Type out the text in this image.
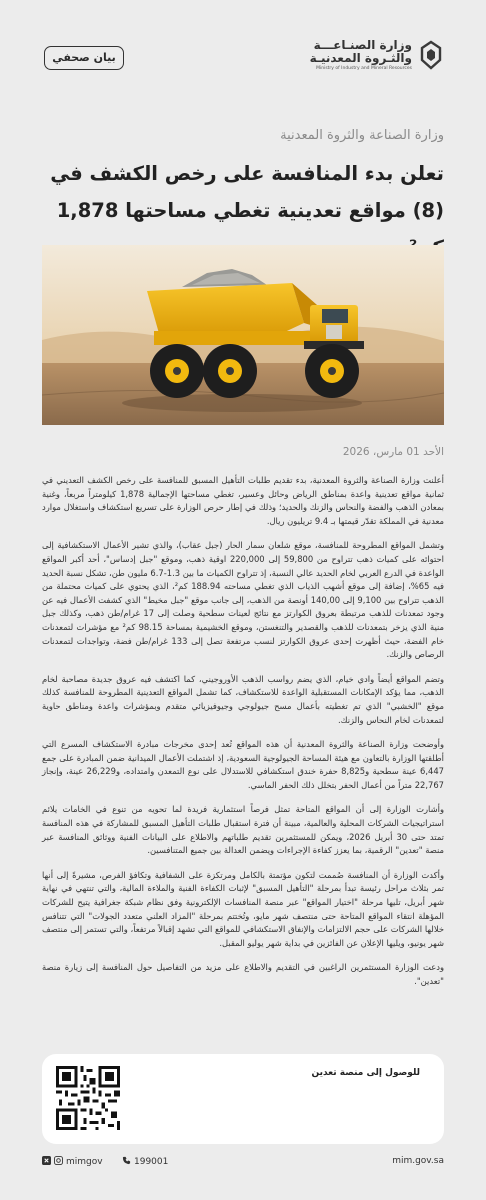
وزارة الصنـاعـــة
والثـروة المعدنيـة
Ministry of Industry and Mineral Resources
بيان صحفي
وزارة الصناعة والثروة المعدنية
تعلن بدء المنافسة على رخص الكشف في (8) مواقع تعدينية تغطي مساحتها 1,878
الأحد 01 مارس، 2026

أعلنت وزارة الصناعة والثروة المعدنية، بدء تقديم طلبات التأهيل المسبق للمنافسة على رخص الكشف التعديني في ثمانية مواقع تعدينية واعدة بمناطق الرياض وحائل وعسير، تغطي مساحتها الإجمالية 1,878 كيلومتراً مربعاً، وغنية بمعادن الذهب والفضة والنحاس والزنك والحديد؛ وذلك في إطار حرص الوزارة على تسريع استكشاف واستغلال موارد معدنية في المملكة تقدّر قيمتها بـ 9.4 تريليون ريال.

وتشمل المواقع المطروحة للمنافسة، موقع شلعان سمار الحار (جبل عقاب)، والذي تشير الأعمال الاستكشافية إلى احتوائه على كميات ذهب تتراوح من 59,800 إلى 220,000 اوقية ذهب، وموقع "جبل إدساس"، أحد أكبر المواقع الواعدة في الدرع العربي لخام الحديد عالي النسبة، إذ تتراوح الكميات ما بين 1.3-6.7 مليون طن، تشكل نسبة الحديد فيه 65%، إضافة إلى موقع أشهب الذياب الذي تغطي مساحته 188.94 كم²، الذي يحتوي على كميات محتملة من الذهب تتراوح بين 9,100 إلى 140,00 أونصة من الذهب، إلى جانب موقع "جبل مخيط" الذي كشفت الأعمال فيه عن وجود تمعدنات للذهب مرتبطة بعروق الكوارتز مع نتائج لعينات سطحية وصلت إلى 17 غرام/طن ذهب، وكذلك جبل منية الذي يزخر بتمعدنات للذهب والقصدير والتنغستن، وموقع الخشيمية بمساحة 98.15 كم² مع مؤشرات لتمعدنات خام الفضة، حيث أظهرت إحدى عروق الكوارتز لنسب مرتفعة تصل إلى 133 غرام/طن فضة، وتواجدات لتمعدنات الرصاص والزنك.

وتضم المواقع أيضاً وادي خيام، الذي يضم رواسب الذهب الأوروجيني، كما اكتشف فيه عروق جديدة مصاحبة لخام الذهب، مما يؤكد الإمكانات المستقبلية الواعدة للاستكشاف، كما تشمل المواقع التعدينية المطروحة للمنافسة كذلك موقع "الخشبي" الذي تم تغطيته بأعمال مسح جيولوجي وجيوفيزيائي متقدم وبمؤشرات واعدة ومناطق حاوية لتمعدنات لخام النحاس والزنك.

وأوضحت وزارة الصناعة والثروة المعدنية أن هذه المواقع تُعد إحدى مخرجات مبادرة الاستكشاف المسرع التي أطلقتها الوزارة بالتعاون مع هيئة المساحة الجيولوجية السعودية، إذ اشتملت الأعمال الميدانية ضمن المبادرة على جمع 6,447 عينة سطحية و8,825 حفرة خندق استكشافي للاستدلال على نوع التمعدن وامتداده، و26,229 عينة، وإنجاز 22,767 متراً من أعمال الحفر بتخلل ذلك الحفر الماسي.

وأشارت الوزارة إلى أن المواقع المتاحة تمثل فرصاً استثمارية فريدة لما تحويه من تنوع في الخامات يلائم استراتيجيات الشركات المحلية والعالمية، مبينة أن فترة استقبال طلبات التأهيل المسبق للمشاركة في هذه المنافسة تمتد حتى 30 أبريل 2026، ويمكن للمستثمرين تقديم طلباتهم والاطلاع على البيانات الفنية ووثائق المنافسة عبر منصة "تعدين" الرقمية، بما يعزز كفاءة الإجراءات ويضمن العدالة بين جميع المتنافسين.

وأكدت الوزارة أن المنافسة صُممت لتكون مؤتمتة بالكامل ومرتكزة على الشفافية وتكافؤ الفرص، مشيرةً إلى أنها تمر بثلاث مراحل رئيسة تبدأ بمرحلة "التأهيل المسبق" لإثبات الكفاءة الفنية والملاءة المالية، والتي تنتهي في نهاية شهر أبريل، تليها مرحلة "اختيار المواقع" عبر منصة المنافسات الإلكترونية وفق نظام شبكة جغرافية يتيح للشركات المؤهلة انتقاء المواقع المتاحة حتى منتصف شهر مايو، وتُختتم بمرحلة "المزاد العلني متعدد الجولات" التي تتنافس خلالها الشركات على حجم الالتزامات والإنفاق الاستكشافي للمواقع التي تشهد إقبالاً مرتفعاً، والتي تستمر إلى منتصف شهر يونيو، ويليها الإعلان عن الفائزين في بداية شهر يوليو المقبل.

ودعت الوزارة المستثمرين الراغبين في التقديم والاطلاع على مزيد من التفاصيل حول المنافسة إلى زيارة منصة "تعدين".

للوصول إلى منصة تعدين
mimgov	199001	mim.gov.sa
